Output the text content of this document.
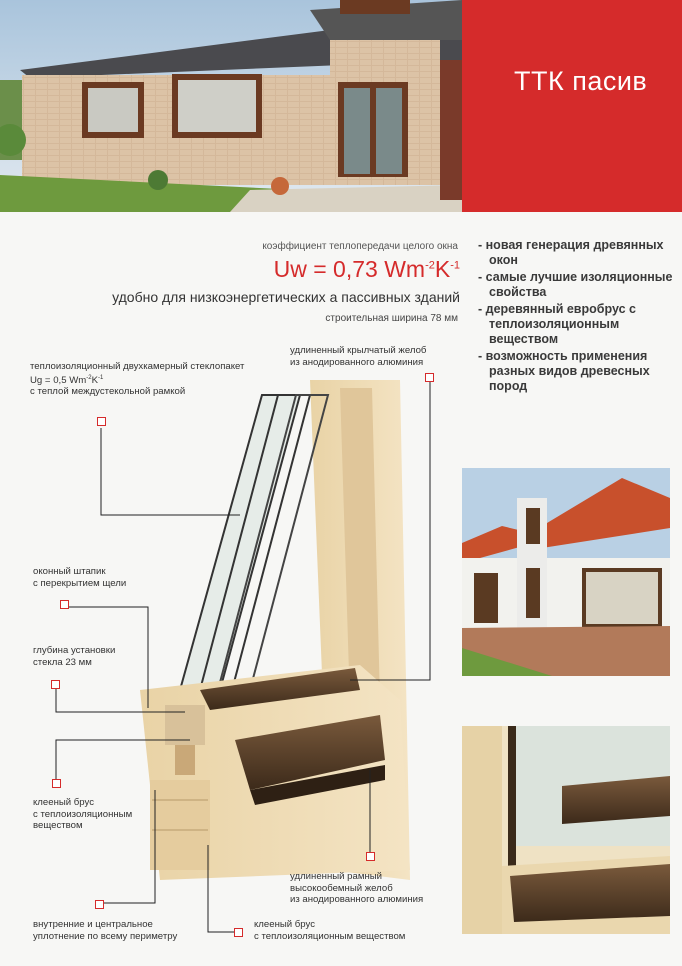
ТТК пасив
коэффициент теплопередачи целого окна
Uw = 0,73 $Wm^{-2}K^{-1}$
удобно для низкоэнергетических а пассивных зданий
строительная ширина 78 мм
- новая генерация древянных окон
- самые лучшие изоляционные свойства
- деревянный евробрус с теплоизоляционным веществом
- возможность применения разных видов древесных пород
теплоизоляционный двухкамерный стеклопакет
Ug = 0,5 $Wm^{-2}K^{-1}$
с теплой междустекольной рамкой
удлиненный крылчатый желоб
из анодированного алюминия
оконный штапик
с перекрытием щели
глубина установки
стекла 23 мм
клееный брус
с теплоизоляционным
веществом
удлиненный рамный
высокообемный желоб
из анодированного алюминия
внутренние и центральное
уплотнение по всему периметру
клееный брус
с теплоизоляционным веществом
